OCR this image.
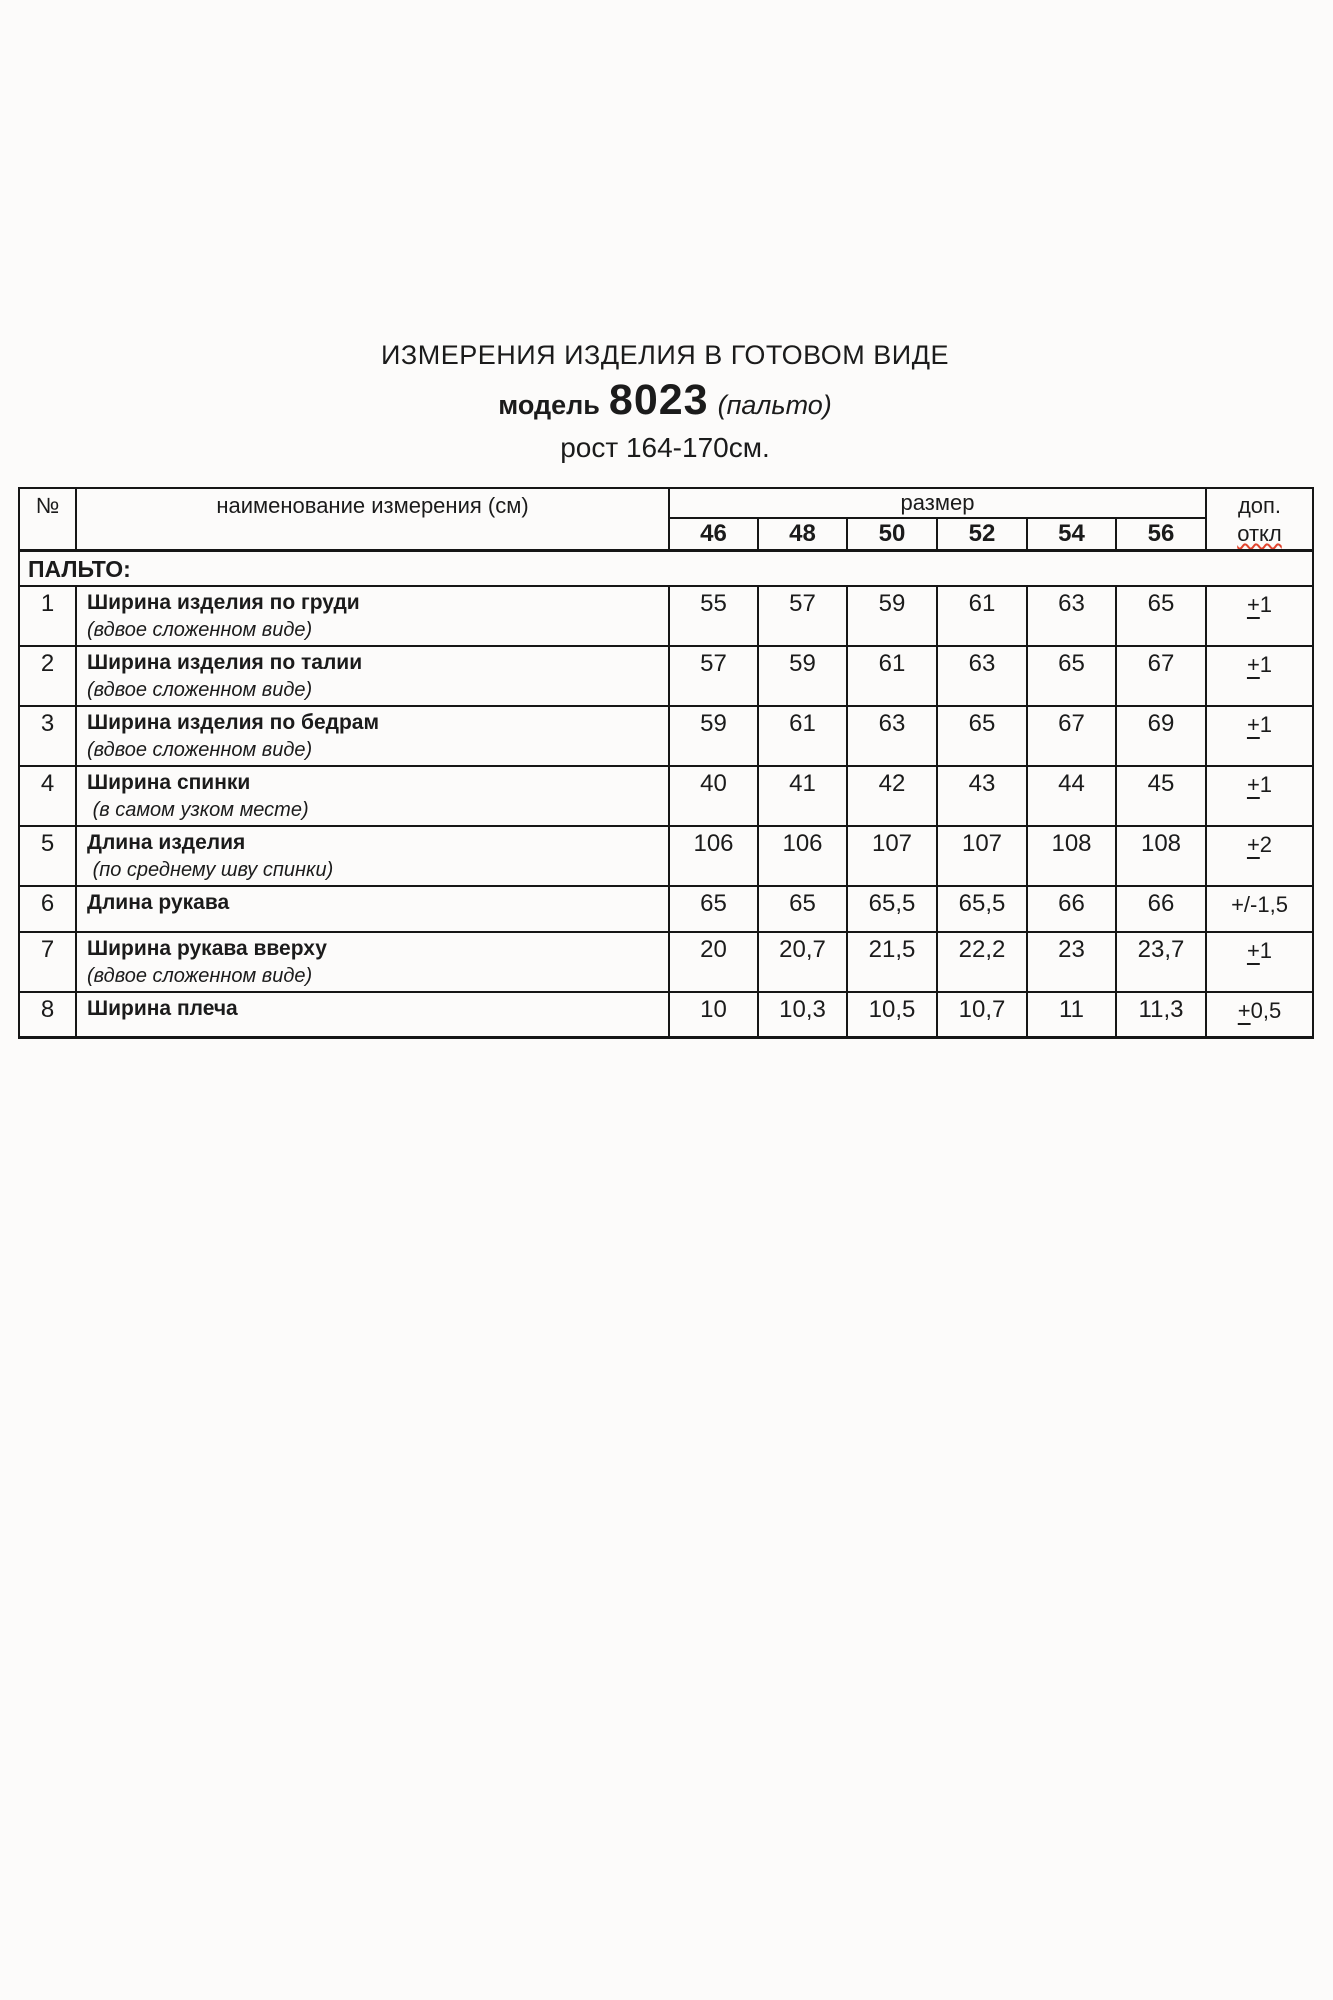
ИЗМЕРЕНИЯ ИЗДЕЛИЯ В ГОТОВОМ ВИДЕ
модель 8023 (пальто)
рост 164-170см.
№	наименование измерения (см)	размер						доп.
откл

		46	48	50	52	54	56	
ПАЛЬТО:								
1	Ширина изделия по груди
(вдвое сложенном виде)	55	57	59	61	63	65	+1
2	Ширина изделия по талии
(вдвое сложенном виде)	57	59	61	63	65	67	+1
3	Ширина изделия по бедрам
(вдвое сложенном виде)	59	61	63	65	67	69	+1
4	Ширина спинки
(в самом узком месте)	40	41	42	43	44	45	+1
5	Длина изделия
(по среднему шву спинки)	106	106	107	107	108	108	+2
6	Длина рукава	65	65	65,5	65,5	66	66	+/-1,5
7	Ширина рукава вверху
(вдвое сложенном виде)	20	20,7	21,5	22,2	23	23,7	+1
8	Ширина плеча	10	10,3	10,5	10,7	11	11,3	+0,5
